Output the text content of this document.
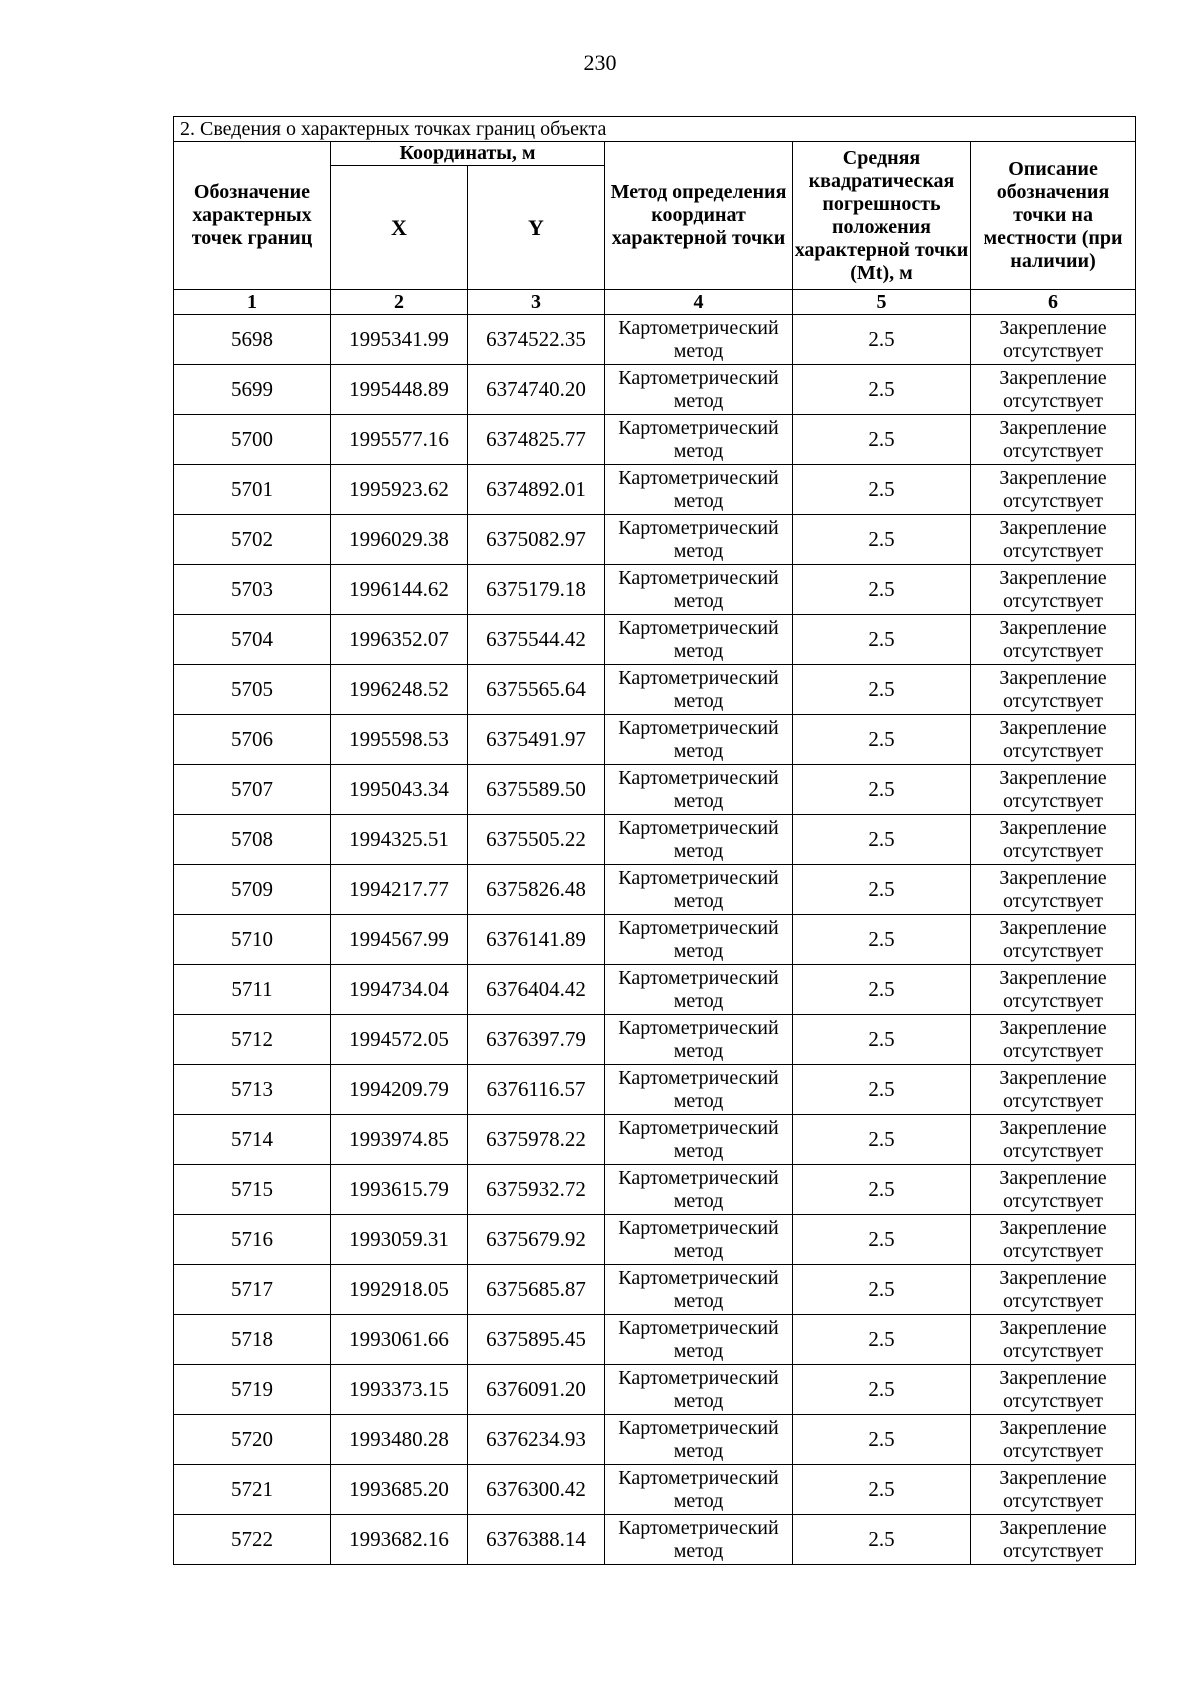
230
2. Сведения о характерных точках границ объекта					
Обозначение характерных точек границ	Координаты, м		Метод определения координат характерной точки	Средняя квадратическая погрешность положения характерной точки (Mt), м	Описание обозначения точки на местности (при наличии)
	X	Y			
1	2	3	4	5	6
5698	1995341.99	6374522.35	Картометрический метод	2.5	Закрепление отсутствует
5699	1995448.89	6374740.20	Картометрический метод	2.5	Закрепление отсутствует
5700	1995577.16	6374825.77	Картометрический метод	2.5	Закрепление отсутствует
5701	1995923.62	6374892.01	Картометрический метод	2.5	Закрепление отсутствует
5702	1996029.38	6375082.97	Картометрический метод	2.5	Закрепление отсутствует
5703	1996144.62	6375179.18	Картометрический метод	2.5	Закрепление отсутствует
5704	1996352.07	6375544.42	Картометрический метод	2.5	Закрепление отсутствует
5705	1996248.52	6375565.64	Картометрический метод	2.5	Закрепление отсутствует
5706	1995598.53	6375491.97	Картометрический метод	2.5	Закрепление отсутствует
5707	1995043.34	6375589.50	Картометрический метод	2.5	Закрепление отсутствует
5708	1994325.51	6375505.22	Картометрический метод	2.5	Закрепление отсутствует
5709	1994217.77	6375826.48	Картометрический метод	2.5	Закрепление отсутствует
5710	1994567.99	6376141.89	Картометрический метод	2.5	Закрепление отсутствует
5711	1994734.04	6376404.42	Картометрический метод	2.5	Закрепление отсутствует
5712	1994572.05	6376397.79	Картометрический метод	2.5	Закрепление отсутствует
5713	1994209.79	6376116.57	Картометрический метод	2.5	Закрепление отсутствует
5714	1993974.85	6375978.22	Картометрический метод	2.5	Закрепление отсутствует
5715	1993615.79	6375932.72	Картометрический метод	2.5	Закрепление отсутствует
5716	1993059.31	6375679.92	Картометрический метод	2.5	Закрепление отсутствует
5717	1992918.05	6375685.87	Картометрический метод	2.5	Закрепление отсутствует
5718	1993061.66	6375895.45	Картометрический метод	2.5	Закрепление отсутствует
5719	1993373.15	6376091.20	Картометрический метод	2.5	Закрепление отсутствует
5720	1993480.28	6376234.93	Картометрический метод	2.5	Закрепление отсутствует
5721	1993685.20	6376300.42	Картометрический метод	2.5	Закрепление отсутствует
5722	1993682.16	6376388.14	Картометрический метод	2.5	Закрепление отсутствует
